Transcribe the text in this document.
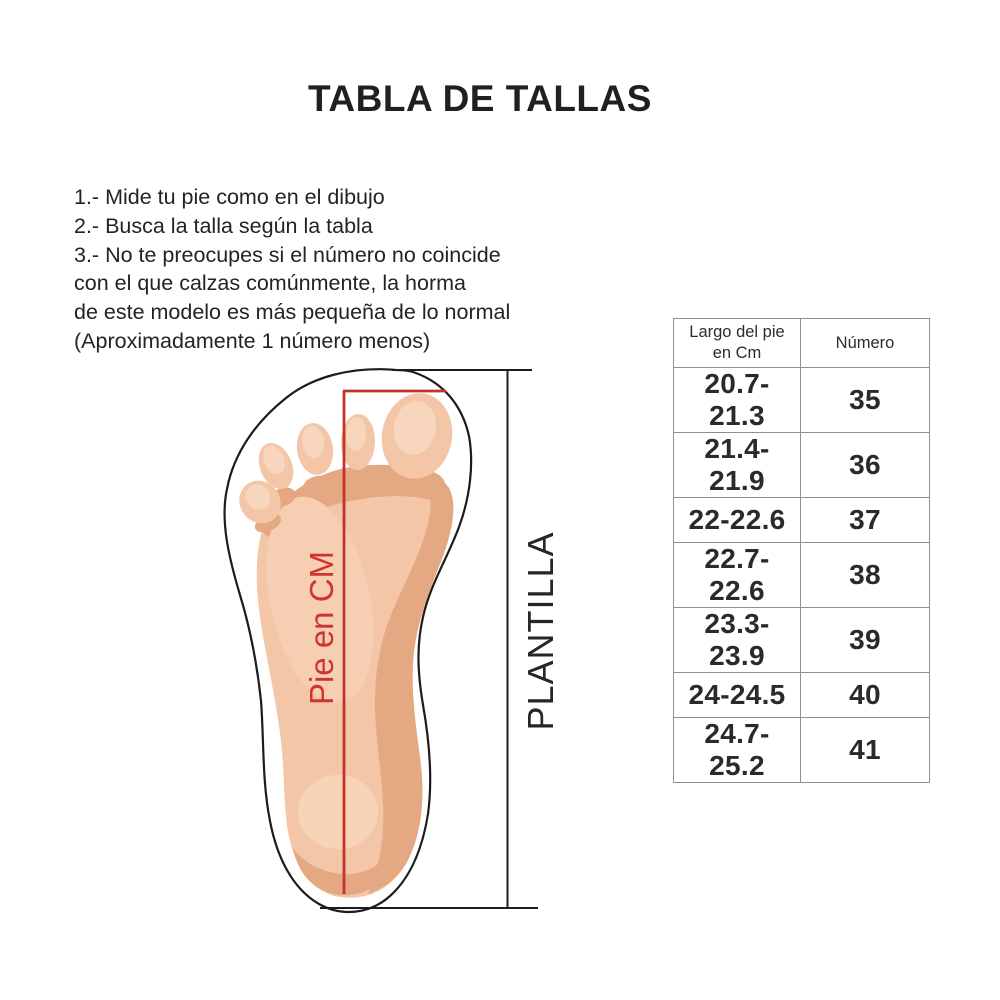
TABLA DE TALLAS
1.- Mide tu pie como en el dibujo
2.- Busca la talla según la tabla
3.- No te preocupes si el número no coincide
con el que calzas comúnmente, la horma
de este modelo es más pequeña de lo normal
(Aproximadamente 1 número menos)
Pie en CM	PLANTILLA
Largo del pie en Cm	Número
20.7-21.3	35
21.4-21.9	36
22-22.6	37
22.7-22.6	38
23.3-23.9	39
24-24.5	40
24.7-25.2	41
